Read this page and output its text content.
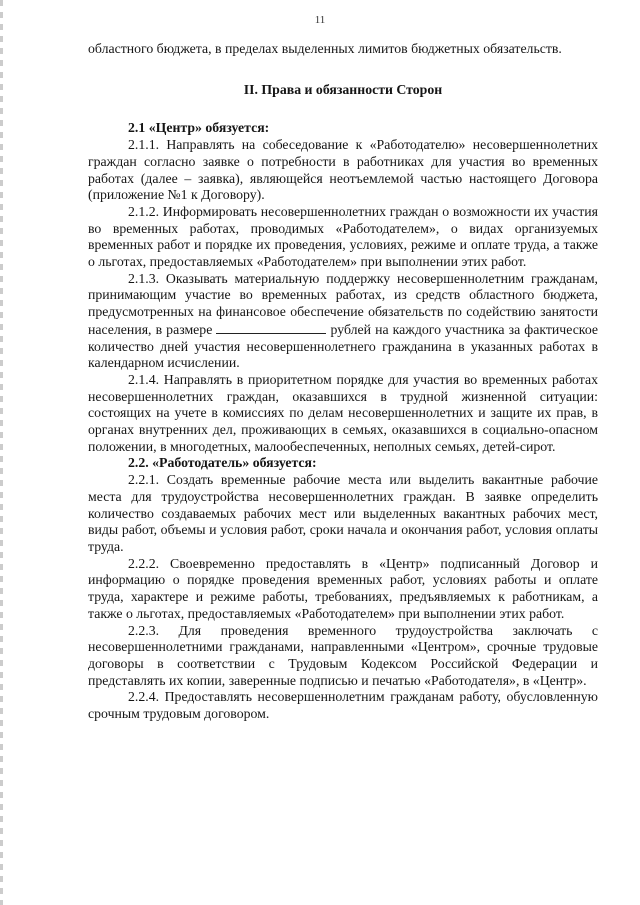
11

областного бюджета, в пределах выделенных лимитов бюджетных обязательств.

II. Права и обязанности Сторон

2.1 «Центр» обязуется:

2.1.1. Направлять на собеседование к «Работодателю» несовершеннолетних граждан согласно заявке о потребности в работниках для участия во временных работах (далее – заявка), являющейся неотъемлемой частью настоящего Договора (приложение №1 к Договору).

2.1.2. Информировать несовершеннолетних граждан о возможности их участия во временных работах, проводимых «Работодателем», о видах организуемых временных работ и порядке их проведения, условиях, режиме и оплате труда, а также о льготах, предоставляемых «Работодателем» при выполнении этих работ.

2.1.3. Оказывать материальную поддержку несовершеннолетним гражданам, принимающим участие во временных работах, из средств областного бюджета, предусмотренных на финансовое обеспечение обязательств по содействию занятости населения, в размере	рублей на каждого участника за фактическое количество дней участия несовершеннолетнего гражданина в указанных работах в календарном исчислении.

2.1.4. Направлять в приоритетном порядке для участия во временных работах несовершеннолетних граждан, оказавшихся в трудной жизненной ситуации: состоящих на учете в комиссиях по делам несовершеннолетних и защите их прав, в органах внутренних дел, проживающих в семьях, оказавшихся в социально-опасном положении, в многодетных, малообеспеченных, неполных семьях, детей-сирот.

2.2. «Работодатель» обязуется:

2.2.1. Создать временные рабочие места или выделить вакантные рабочие места для трудоустройства несовершеннолетних граждан. В заявке определить количество создаваемых рабочих мест или выделенных вакантных рабочих мест, виды работ, объемы и условия работ, сроки начала и окончания работ, условия оплаты труда.

2.2.2. Своевременно предоставлять в «Центр» подписанный Договор и информацию о порядке проведения временных работ, условиях работы и оплате труда, характере и режиме работы, требованиях, предъявляемых к работникам, а также о льготах, предоставляемых «Работодателем» при выполнении этих работ.

2.2.3. Для проведения временного трудоустройства заключать с несовершеннолетними гражданами, направленными «Центром», срочные трудовые договоры в соответствии с Трудовым Кодексом Российской Федерации и представлять их копии, заверенные подписью и печатью «Работодателя», в «Центр».

2.2.4. Предоставлять несовершеннолетним гражданам работу, обусловленную срочным трудовым договором.
